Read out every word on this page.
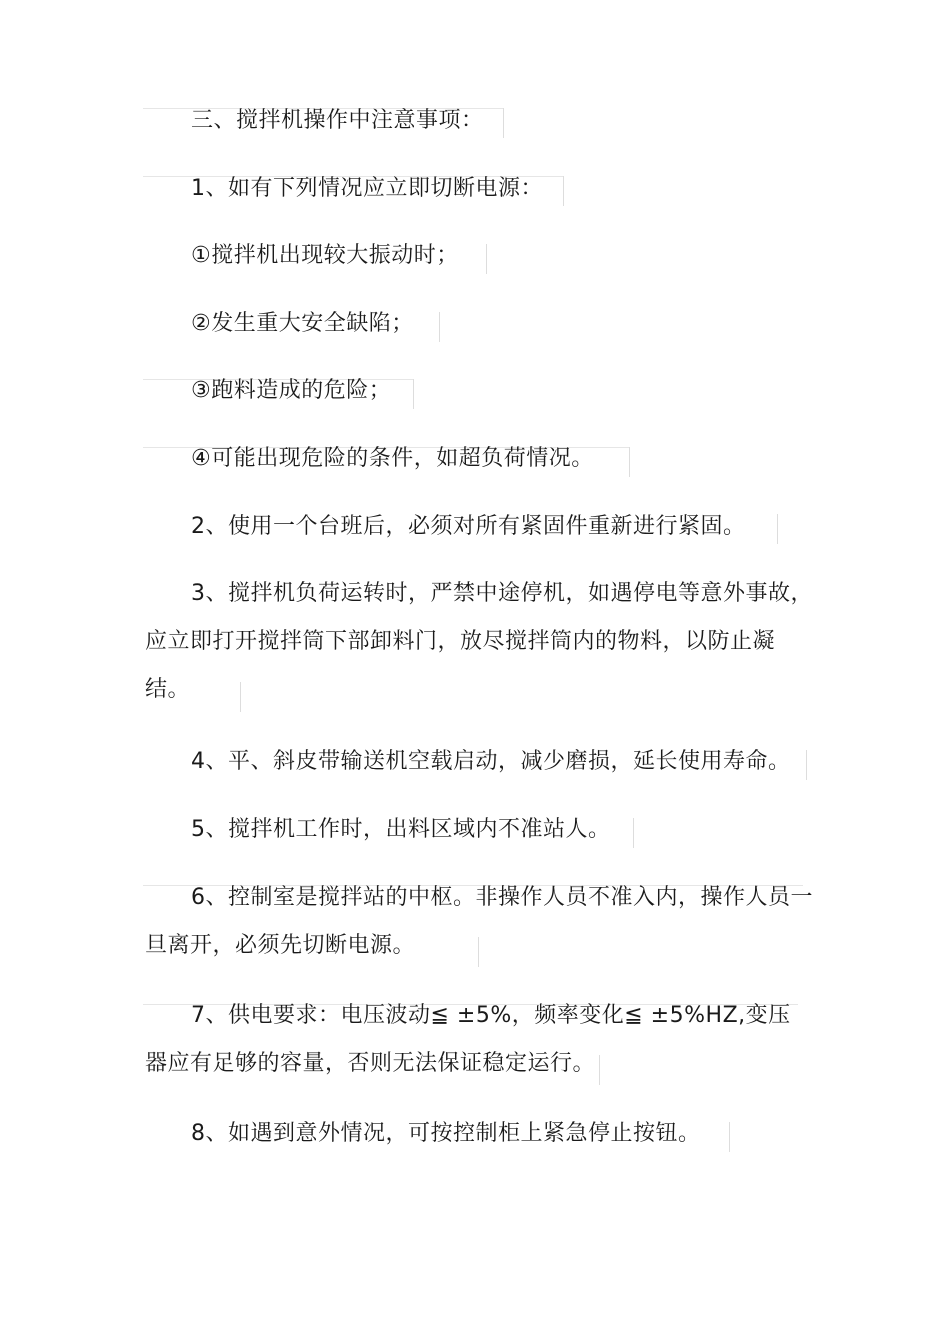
三、搅拌机操作中注意事项：
1、如有下列情况应立即切断电源：
①搅拌机出现较大振动时；
②发生重大安全缺陷；
③跑料造成的危险；
④可能出现危险的条件，如超负荷情况。
2、使用一个台班后，必须对所有紧固件重新进行紧固。
3、搅拌机负荷运转时，严禁中途停机，如遇停电等意外事故，应立即打开搅拌筒下部卸料门，放尽搅拌筒内的物料，以防止凝结。
4、平、斜皮带输送机空载启动，减少磨损，延长使用寿命。
5、搅拌机工作时，出料区域内不准站人。
6、控制室是搅拌站的中枢。非操作人员不准入内，操作人员一旦离开，必须先切断电源。
7、供电要求：电压波动≦ ±5%，频率变化≦ ±5%HZ,变压器应有足够的容量，否则无法保证稳定运行。
8、如遇到意外情况，可按控制柜上紧急停止按钮。
